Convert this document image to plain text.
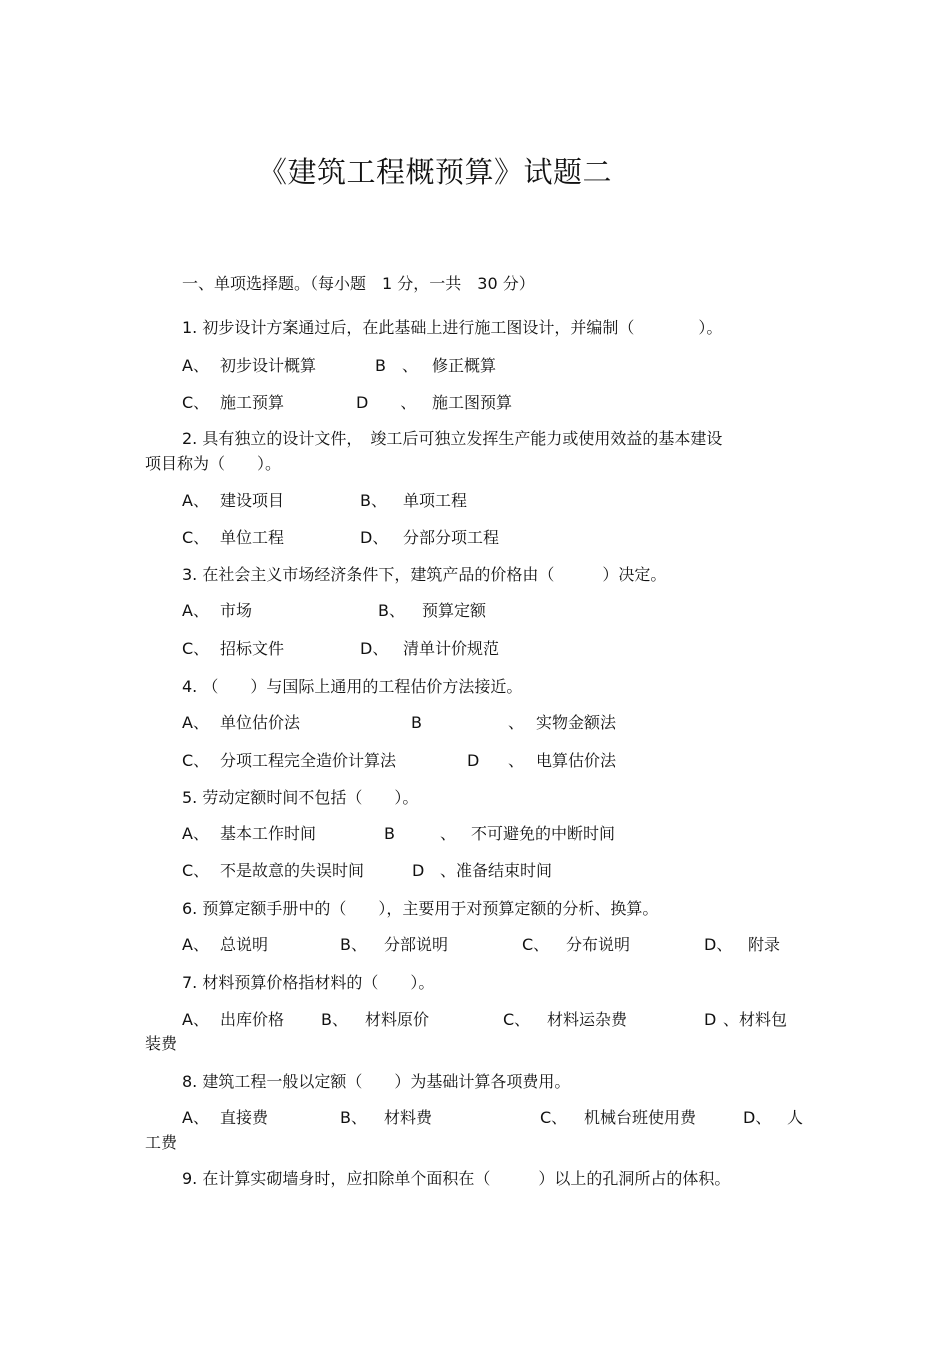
《建筑工程概预算》试题二
一、单项选择题。（每小题　1 分，一共　30 分）
1. 初步设计方案通过后，在此基础上进行施工图设计，并编制（　　　　）。
A、 初步设计概算	B　、 修正概算
C、 施工预算	D　　、 施工图预算
2. 具有独立的设计文件，　竣工后可独立发挥生产能力或使用效益的基本建设
项目称为（　　）。
A、 建设项目	B、 单项工程
C、 单位工程	D、 分部分项工程
3. 在社会主义市场经济条件下，建筑产品的价格由（　　　）决定。
A、 市场	B、 预算定额
C、 招标文件	D、 清单计价规范
4. （　　）与国际上通用的工程估价方法接近。
A、 单位估价法	B	、 实物金额法
C、 分项工程完全造价计算法	D 、 电算估价法
5. 劳动定额时间不包括（　　）。
A、 基本工作时间	B	、 不可避免的中断时间
C、 不是故意的失误时间	D 、准备结束时间
6. 预算定额手册中的（　　），主要用于对预算定额的分析、换算。
A、 总说明	B、 分部说明	C、 分布说明	D、 附录
7. 材料预算价格指材料的（　　）。
A、 出库价格 B、 材料原价	C、 材料运杂费	D 、材料包
装费
8. 建筑工程一般以定额（　　）为基础计算各项费用。
A、 直接费	B、 材料费	C、 机械台班使用费	D、 人
工费
9. 在计算实砌墙身时，应扣除单个面积在（　　　）以上的孔洞所占的体积。
